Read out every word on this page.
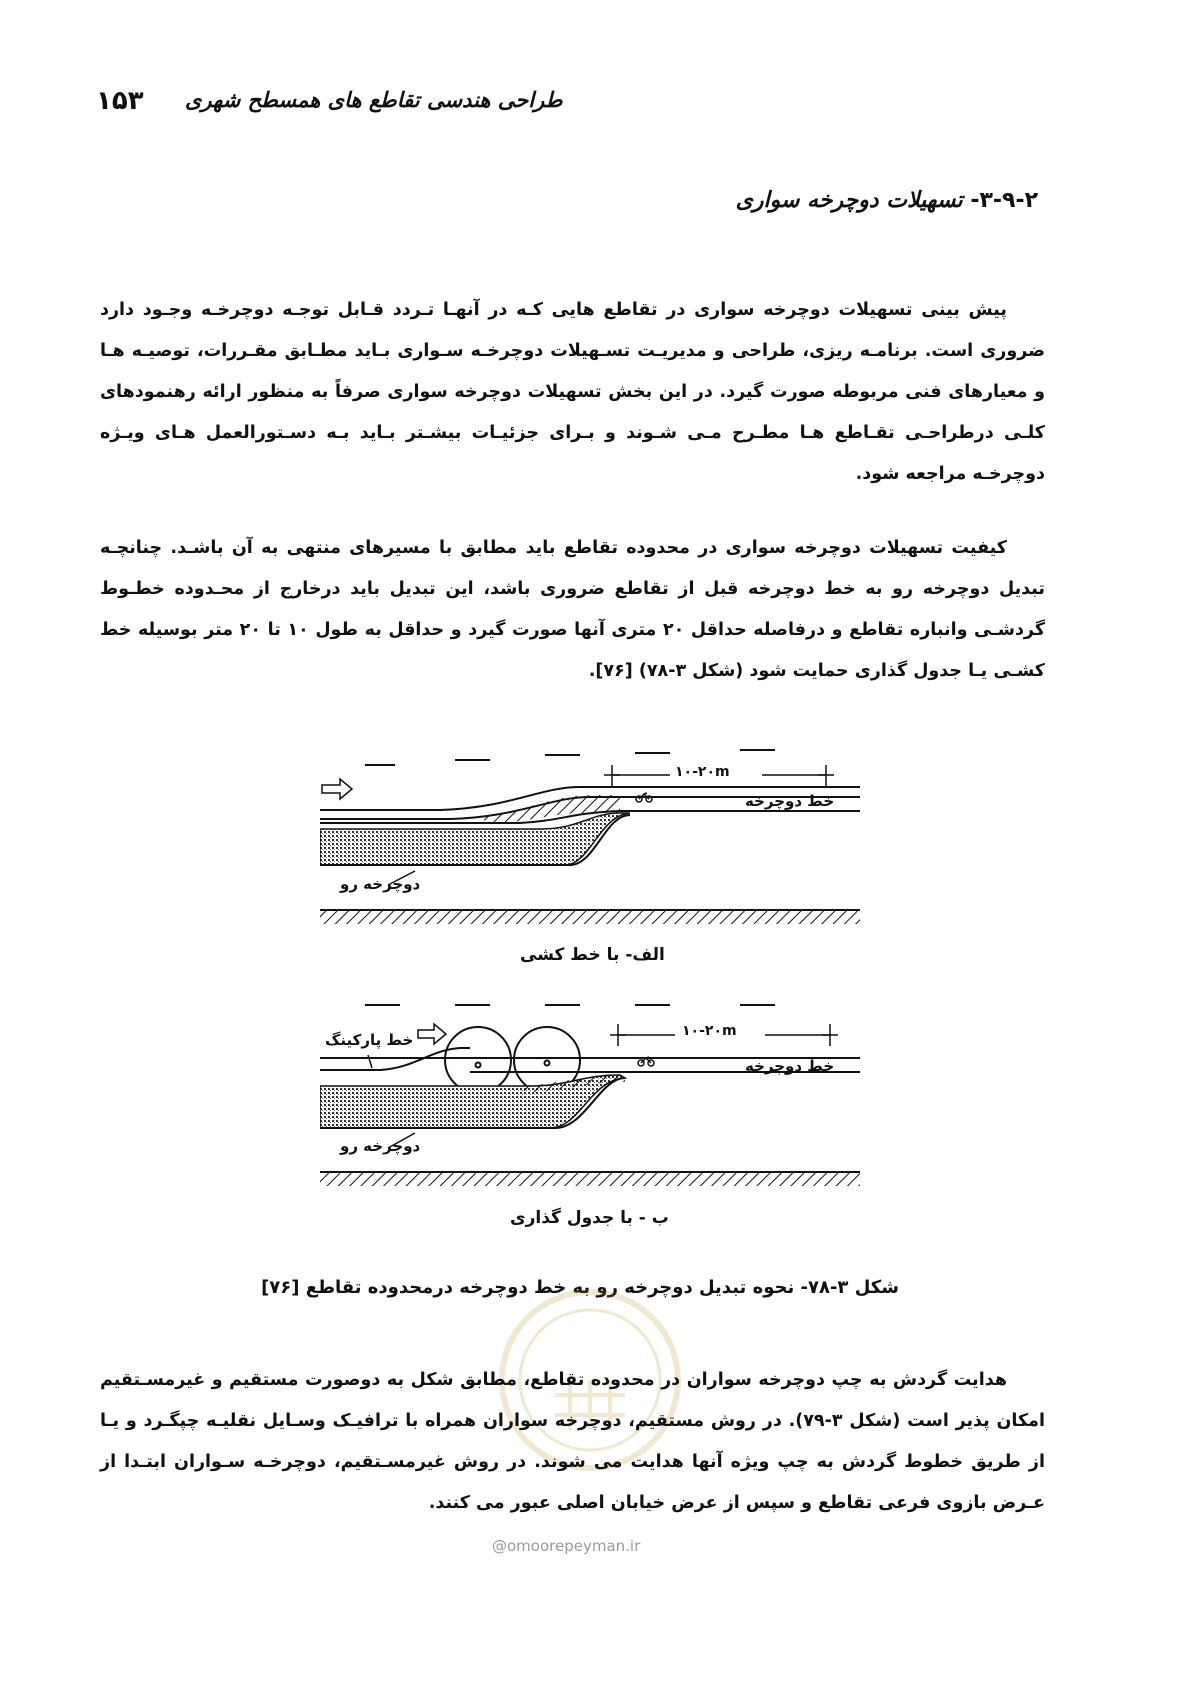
۱۵۳ طراحی هندسی تقاطع های همسطح شهری
۳-۹-۲- تسهیلات دوچرخه سواری

پیش بینی تسهیلات دوچرخه سواری در تقاطع هایی کـه در آنهـا تـردد قـابل توجـه دوچرخـه وجـود دارد ضروری است. برنامـه ریزی، طراحی و مدیریـت تسـهیلات دوچرخـه سـواری بـاید مطـابق مقـررات، توصیـه هـا و معیارهای فنی مربوطه صورت گیرد. در این بخش تسهیلات دوچرخه سواری صرفاً به منظور ارائه رهنمودهای کلـی درطراحـی تقـاطع هـا مطـرح مـی شـوند و بـرای جزئیـات بیشـتر بـاید بـه دسـتورالعمل هـای ویـژه دوچرخـه مراجعه شود.

کیفیت تسهیلات دوچرخه سواری در محدوده تقاطع باید مطابق با مسیرهای منتهی به آن باشـد. چنانچـه تبدیل دوچرخه رو به خط دوچرخه قبل از تقاطع ضروری باشد، این تبدیل باید درخارج از محـدوده خطـوط گردشـی وانباره تقاطع و درفاصله حداقل ۲۰ متری آنها صورت گیرد و حداقل به طول ۱۰ تا ۲۰ متر بوسیله خط کشـی یـا جدول گذاری حمایت شود (شکل ۳-۷۸) [۷۶].

۱۰-۲۰m
خط دوچرخه
دوچرخه رو
الف- با خط کشی
۱۰-۲۰m
خط دوچرخه
خط پارکینگ
دوچرخه رو
ب - با جدول گذاری
شکل ۳-۷۸- نحوه تبدیل دوچرخه رو به خط دوچرخه درمحدوده تقاطع [۷۶]

هدایت گردش به چپ دوچرخه سواران در محدوده تقاطع، مطابق شکل به دوصورت مستقیم و غیرمسـتقیم امکان پذیر است (شکل ۳-۷۹). در روش مستقیم، دوچرخه سواران همراه با ترافیـک وسـایل نقلیـه چپگـرد و یـا از طریق خطوط گردش به چپ ویژه آنها هدایت می شوند. در روش غیرمسـتقیم، دوچرخـه سـواران ابتـدا از عـرض بازوی فرعی تقاطع و سپس از عرض خیابان اصلی عبور می کنند.

@omoorepeyman.ir
